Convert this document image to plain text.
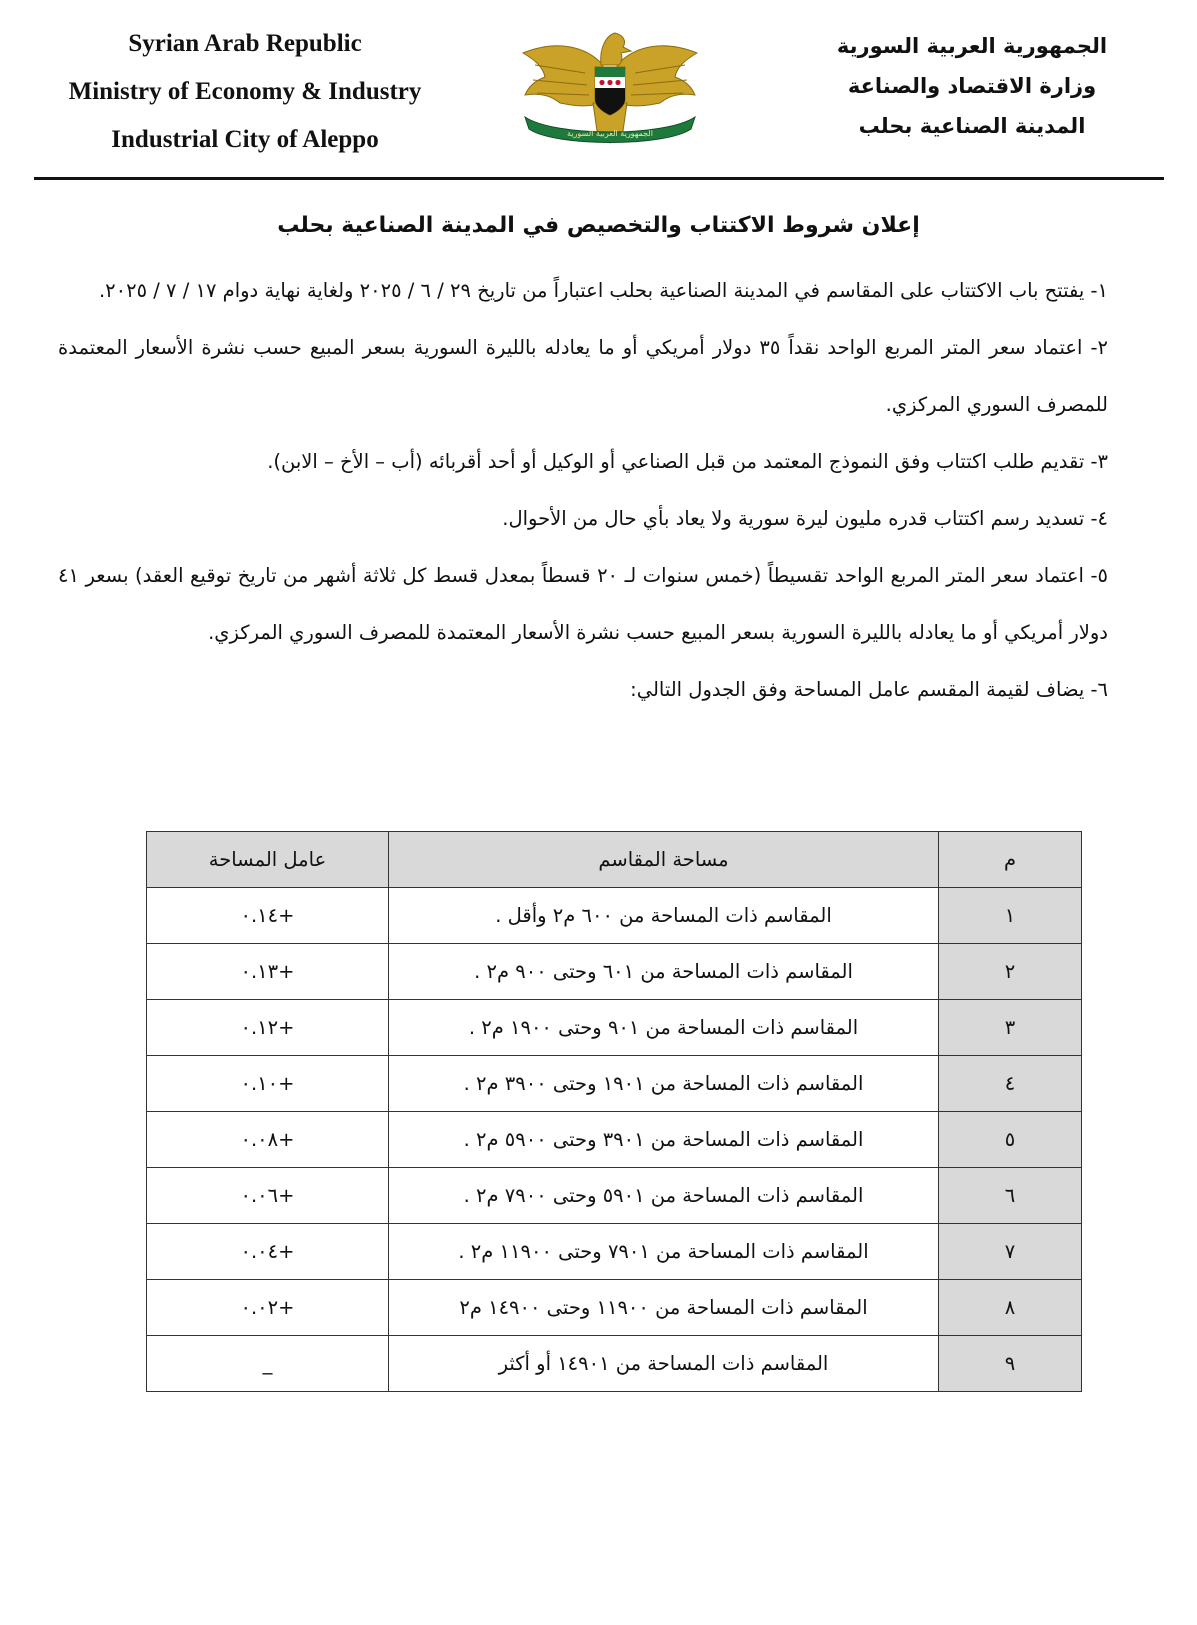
Syrian Arab Republic
Ministry of Economy & Industry
Industrial City of Aleppo	الجمهورية العربية السورية
الجمهورية العربية السورية
وزارة الاقتصاد والصناعة
المدينة الصناعية بحلب
إعلان شروط الاكتتاب والتخصيص في المدينة الصناعية بحلب

١- يفتتح باب الاكتتاب على المقاسم في المدينة الصناعية بحلب اعتباراً من تاريخ ٢٩ / ٦ / ٢٠٢٥ ولغاية نهاية دوام ١٧ / ٧ / ٢٠٢٥.

٢- اعتماد سعر المتر المربع الواحد نقداً ٣٥ دولار أمريكي أو ما يعادله بالليرة السورية بسعر المبيع حسب نشرة الأسعار المعتمدة للمصرف السوري المركزي.

٣- تقديم طلب اكتتاب وفق النموذج المعتمد من قبل الصناعي أو الوكيل أو أحد أقربائه (أب – الأخ – الابن).

٤- تسديد رسم اكتتاب قدره مليون ليرة سورية ولا يعاد بأي حال من الأحوال.

٥- اعتماد سعر المتر المربع الواحد تقسيطاً (خمس سنوات لـ ٢٠ قسطاً بمعدل قسط كل ثلاثة أشهر من تاريخ توقيع العقد) بسعر ٤١ دولار أمريكي أو ما يعادله بالليرة السورية بسعر المبيع حسب نشرة الأسعار المعتمدة للمصرف السوري المركزي.

٦- يضاف لقيمة المقسم عامل المساحة وفق الجدول التالي:

م	مساحة المقاسم	عامل المساحة
١	المقاسم ذات المساحة من ٦٠٠ م٢ وأقل .	+٠.١٤
٢	المقاسم ذات المساحة من ٦٠١ وحتى ٩٠٠ م٢ .	+٠.١٣
٣	المقاسم ذات المساحة من ٩٠١ وحتى ١٩٠٠ م٢ .	+٠.١٢
٤	المقاسم ذات المساحة من ١٩٠١ وحتى ٣٩٠٠ م٢ .	+٠.١٠
٥	المقاسم ذات المساحة من ٣٩٠١ وحتى ٥٩٠٠ م٢ .	+٠.٠٨
٦	المقاسم ذات المساحة من ٥٩٠١ وحتى ٧٩٠٠ م٢ .	+٠.٠٦
٧	المقاسم ذات المساحة من ٧٩٠١ وحتى ١١٩٠٠ م٢ .	+٠.٠٤
٨	المقاسم ذات المساحة من ١١٩٠٠ وحتى ١٤٩٠٠ م٢	+٠.٠٢
٩	المقاسم ذات المساحة من ١٤٩٠١ أو أكثر	_
